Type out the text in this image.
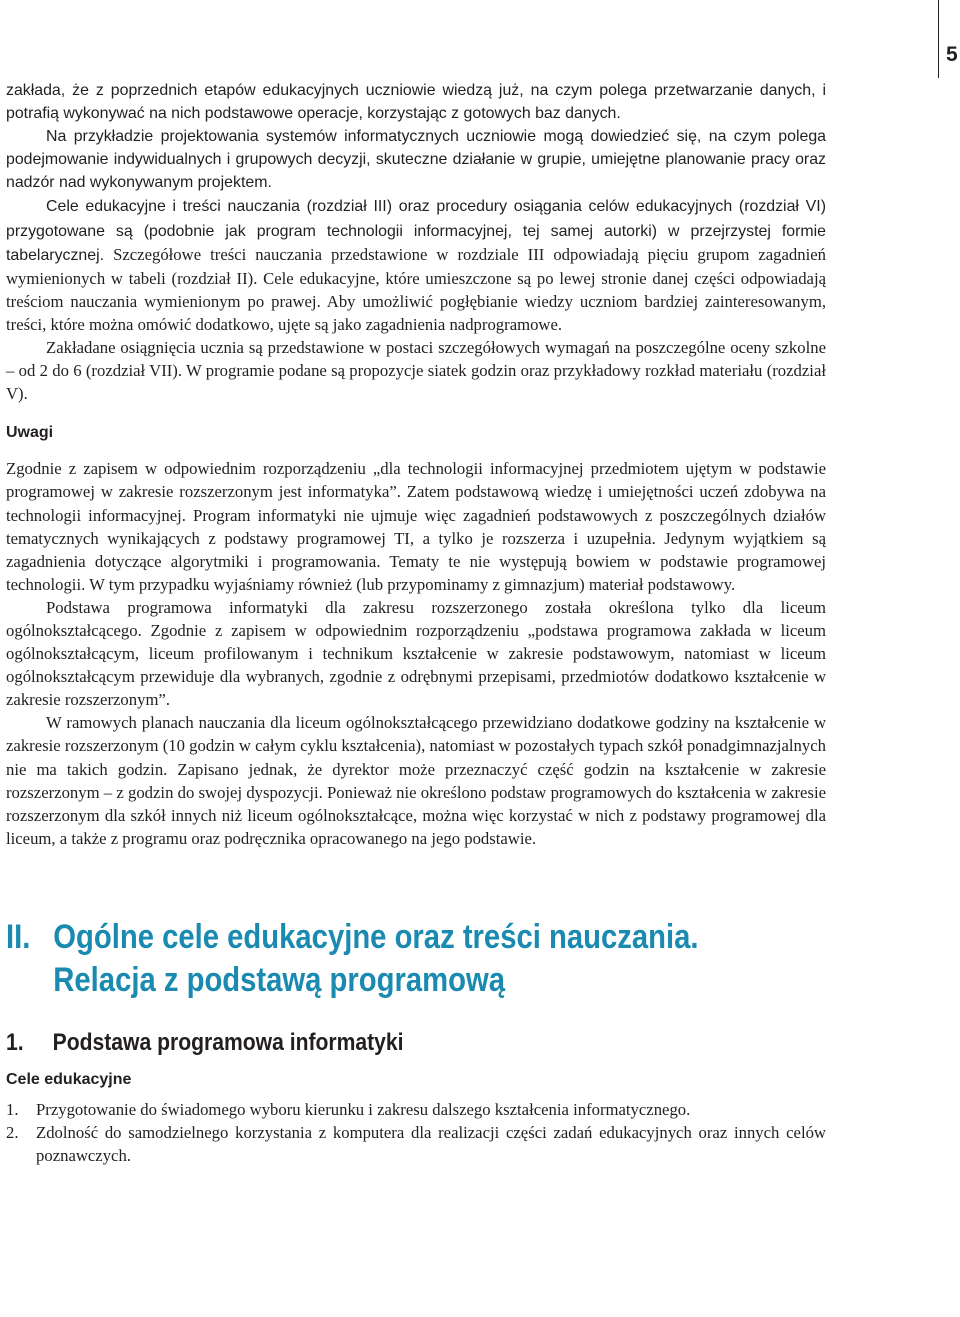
5

zakłada, że z poprzednich etapów edukacyjnych uczniowie wiedzą już, na czym polega przetwarzanie danych, i potrafią wykonywać na nich podstawowe operacje, korzystając z gotowych baz danych.

Na przykładzie projektowania systemów informatycznych uczniowie mogą dowiedzieć się, na czym polega podejmowanie indywidualnych i grupowych decyzji, skuteczne działanie w grupie, umiejętne planowanie pracy oraz nadzór nad wykonywanym projektem.

Cele edukacyjne i treści nauczania (rozdział III) oraz procedury osiągania celów edukacyjnych (rozdział VI) przygotowane są (podobnie jak program technologii informacyjnej, tej samej autorki) w przejrzystej formie tabelarycznej. Szczegółowe treści nauczania przedstawione w rozdziale III odpowiadają pięciu grupom zagadnień wymienionych w tabeli (rozdział II). Cele edukacyjne, które umieszczone są po lewej stronie danej części odpowiadają treściom nauczania wymienionym po prawej. Aby umożliwić pogłębianie wiedzy uczniom bardziej zainteresowanym, treści, które można omówić dodatkowo, ujęte są jako zagadnienia nadprogramowe.

Zakładane osiągnięcia ucznia są przedstawione w postaci szczegółowych wymagań na poszczególne oceny szkolne – od 2 do 6 (rozdział VII). W programie podane są propozycje siatek godzin oraz przykładowy rozkład materiału (rozdział V).

Uwagi

Zgodnie z zapisem w odpowiednim rozporządzeniu „dla technologii informacyjnej przedmiotem ujętym w podstawie programowej w zakresie rozszerzonym jest informatyka”. Zatem podstawową wiedzę i umiejętności uczeń zdobywa na technologii informacyjnej. Program informatyki nie ujmuje więc zagadnień podstawowych z poszczególnych działów tematycznych wynikających z podstawy programowej TI, a tylko je rozszerza i uzupełnia. Jedynym wyjątkiem są zagadnienia dotyczące algorytmiki i programowania. Tematy te nie występują bowiem w podstawie programowej technologii. W tym przypadku wyjaśniamy również (lub przypominamy z gimnazjum) materiał podstawowy.

Podstawa programowa informatyki dla zakresu rozszerzonego została określona tylko dla liceum ogólnokształcącego. Zgodnie z zapisem w odpowiednim rozporządzeniu „podstawa programowa zakłada w liceum ogólnokształcącym, liceum profilowanym i technikum kształcenie w zakresie podstawowym, natomiast w liceum ogólnokształcącym przewiduje dla wybranych, zgodnie z odrębnymi przepisami, przedmiotów dodatkowo kształcenie w zakresie rozszerzonym”.

W ramowych planach nauczania dla liceum ogólnokształcącego przewidziano dodatkowe godziny na kształcenie w zakresie rozszerzonym (10 godzin w całym cyklu kształcenia), natomiast w pozostałych typach szkół ponadgimnazjalnych nie ma takich godzin. Zapisano jednak, że dyrektor może przeznaczyć część godzin na kształcenie w zakresie rozszerzonym – z godzin do swojej dyspozycji. Ponieważ nie określono podstaw programowych do kształcenia w zakresie rozszerzonym dla szkół innych niż liceum ogólnokształcące, można więc korzystać w nich z podstawy programowej dla liceum, a także z programu oraz podręcznika opracowanego na jego podstawie.

II. Ogólne cele edukacyjne oraz treści nauczania.
Relacja z podstawą programową
1.	Podstawa programowa informatyki
Cele edukacyjne
1.	Przygotowanie do świadomego wyboru kierunku i zakresu dalszego kształcenia informatycznego.
2.	Zdolność do samodzielnego korzystania z komputera dla realizacji części zadań edukacyjnych oraz innych celów poznawczych.
